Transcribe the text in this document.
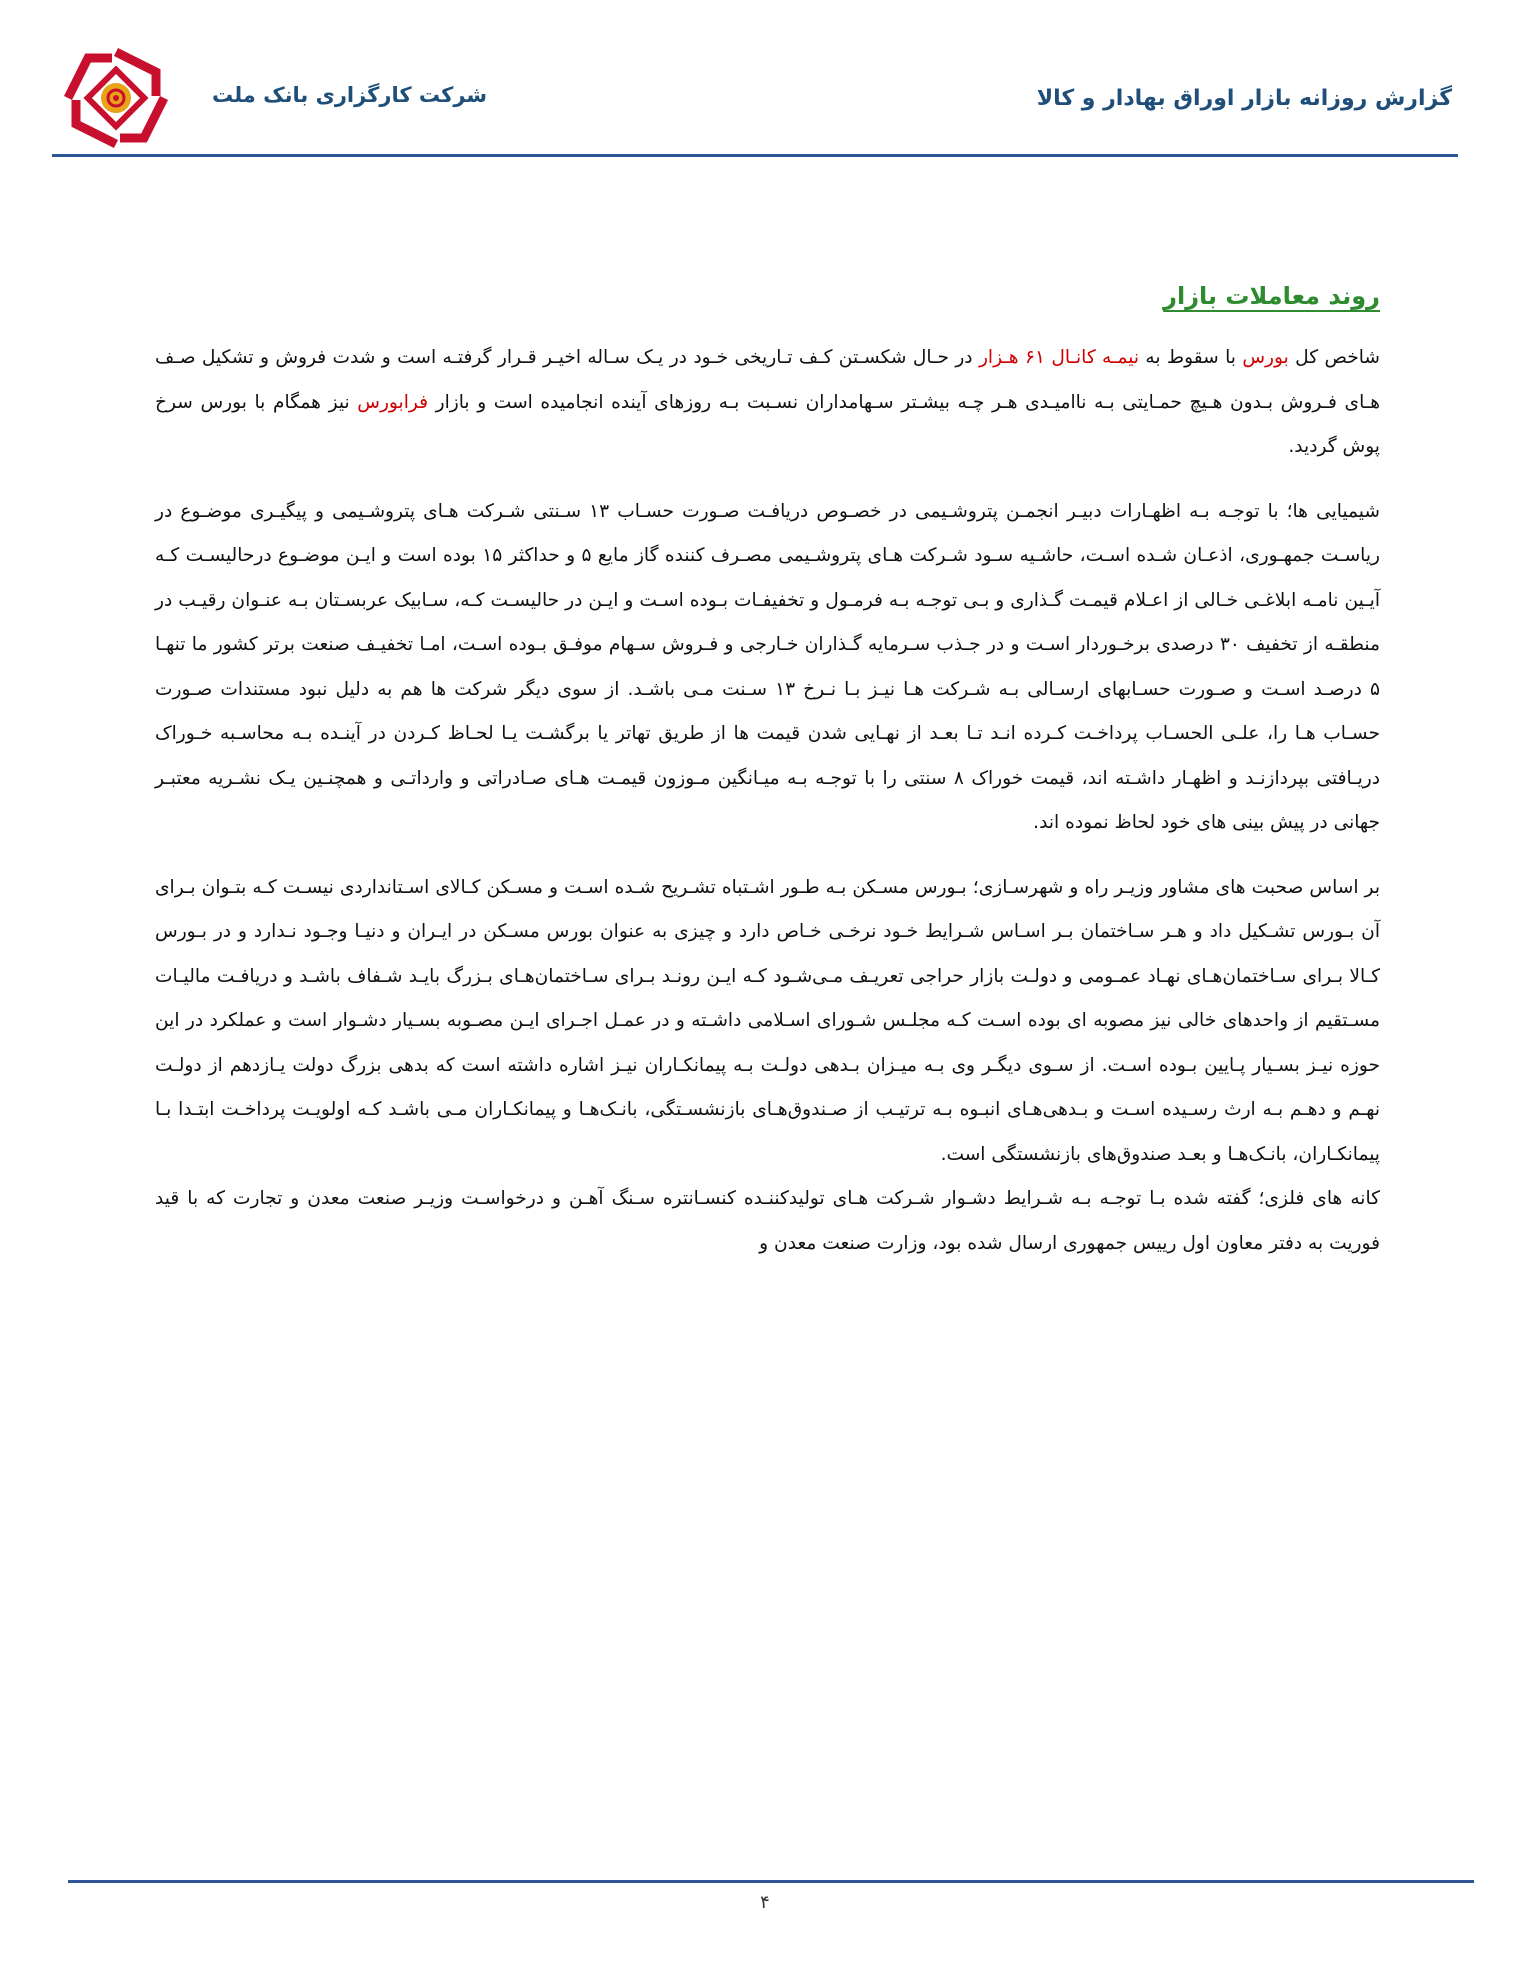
شرکت کارگزاری بانک ملت	گزارش روزانه بازار اوراق بهادار و کالا
روند معاملات بازار

شاخص کل بورس با سقوط به نیمـه کانـال ۶۱ هـزار در حـال شکسـتن کـف تـاریخی خـود در یـک سـاله اخیـر قـرار گرفتـه است و شدت فروش و تشکیل صـف هـای فـروش بـدون هـیچ حمـایتی بـه ناامیـدی هـر چـه بیشـتر سـهامداران نسـبت بـه روزهای آینده انجامیده است و بازار فرابورس نیز همگام با بورس سرخ پوش گردید.

شیمیایی ها؛ با توجـه بـه اظهـارات دبیـر انجمـن پتروشـیمی در خصـوص دریافـت صـورت حسـاب ۱۳ سـنتی شـرکت هـای پتروشـیمی و پیگیـری موضـوع در ریاسـت جمهـوری، اذعـان شـده اسـت، حاشـیه سـود شـرکت هـای پتروشـیمی مصـرف کننده گاز مایع ۵ و حداکثر ۱۵ بوده است و ایـن موضـوع درحالیسـت کـه آیـین نامـه ابلاغـی خـالی از اعـلام قیمـت گـذاری و بـی توجـه بـه فرمـول و تخفیفـات بـوده اسـت و ایـن در حالیسـت کـه، سـابیک عربسـتان بـه عنـوان رقیـب در منطقـه از تخفیف ۳۰ درصدی برخـوردار اسـت و در جـذب سـرمایه گـذاران خـارجی و فـروش سـهام موفـق بـوده اسـت، امـا تخفیـف صنعت برتر کشور ما تنهـا ۵ درصـد اسـت و صـورت حسـابهای ارسـالی بـه شـرکت هـا نیـز بـا نـرخ ۱۳ سـنت مـی باشـد. از سوی دیگر شرکت ها هم به دلیل نبود مستندات صـورت حسـاب هـا را، علـی الحسـاب پرداخـت کـرده انـد تـا بعـد از نهـایی شدن قیمت ها از طریق تهاتر یا برگشـت یـا لحـاظ کـردن در آینـده بـه محاسـبه خـوراک دریـافتی بپردازنـد و اظهـار داشـته اند، قیمت خوراک ۸ سنتی را با توجـه بـه میـانگین مـوزون قیمـت هـای صـادراتی و وارداتـی و همچنـین یـک نشـریه معتبـر جهانی در پیش بینی های خود لحاظ نموده اند.

بر اساس صحبت های مشاور وزیـر راه و شهرسـازی؛ بـورس مسـکن بـه طـور اشـتباه تشـریح شـده اسـت و مسـکن کـالای اسـتانداردی نیسـت کـه بتـوان بـرای آن بـورس تشـکیل داد و هـر سـاختمان بـر اسـاس شـرایط خـود نرخـی خـاص دارد و چیزی به عنوان بورس مسـکن در ایـران و دنیـا وجـود نـدارد و در بـورس کـالا بـرای سـاختمان‌هـای نهـاد عمـومی و دولـت بازار حراجی تعریـف مـی‌شـود کـه ایـن رونـد بـرای سـاختمان‌هـای بـزرگ بایـد شـفاف باشـد و دریافـت مالیـات مسـتقیم از واحدهای خالی نیز مصوبه ای بوده اسـت کـه مجلـس شـورای اسـلامی داشـته و در عمـل اجـرای ایـن مصـوبه بسـیار دشـوار است و عملکرد در این حوزه نیـز بسـیار پـایین بـوده اسـت. از سـوی دیگـر وی بـه میـزان بـدهی دولـت بـه پیمانکـاران نیـز اشاره داشته است که بدهی بزرگ دولت یـازدهم از دولـت نهـم و دهـم بـه ارث رسـیده اسـت و بـدهی‌هـای انبـوه بـه ترتیـب از صـندوق‌هـای بازنشسـتگی، بانـک‌هـا و پیمانکـاران مـی باشـد کـه اولویـت پرداخـت ابتـدا بـا پیمانکـاران، بانـک‌هـا و بعـد صندوق‌های بازنشستگی است.

کانه های فلزی؛ گفته شده بـا توجـه بـه شـرایط دشـوار شـرکت هـای تولیدکننـده کنسـانتره سـنگ آهـن و درخواسـت وزیـر صنعت معدن و تجارت که با قید فوریت به دفتر معاون اول رییس جمهوری ارسال شده بود، وزارت صنعت معدن و

۴
